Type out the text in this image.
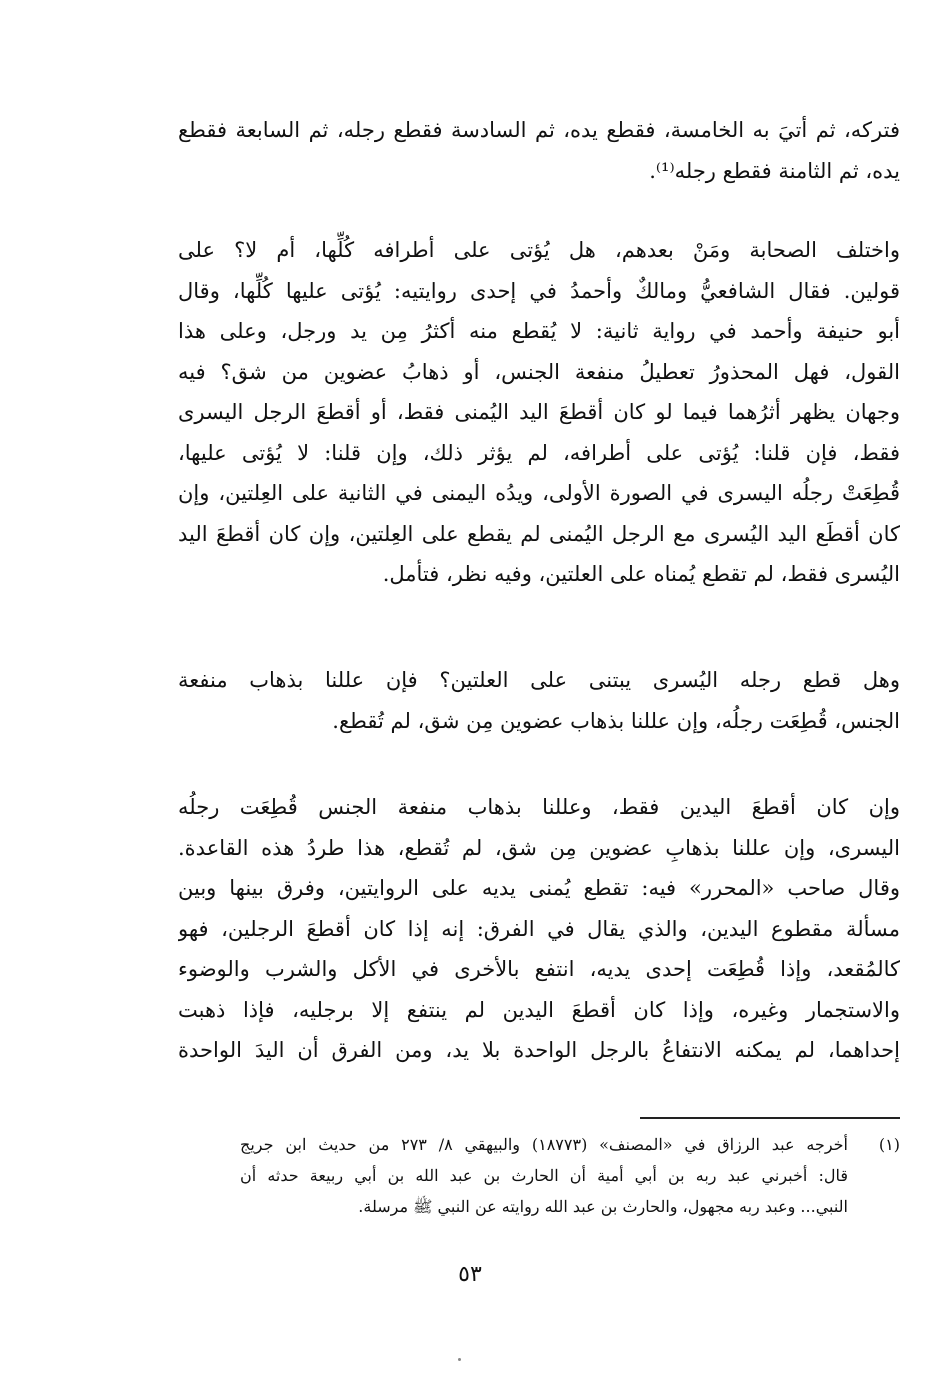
فتركه، ثم أتيَ به الخامسة، فقطع يده، ثم السادسة فقطع رجله، ثم السابعة فقطع
يده، ثم الثامنة فقطع رجله⁽¹⁾.
واختلف الصحابة ومَنْ بعدهم، هل يُؤتى على أطرافه كُلِّها، أم لا؟ على
قولين. فقال الشافعيُّ ومالكٌ وأحمدُ في إحدى روايتيه: يُؤتى عليها كُلِّها، وقال
أبو حنيفة وأحمد في رواية ثانية: لا يُقطع منه أكثرُ مِن يد ورجل، وعلى هذا
القول، فهل المحذورُ تعطيلُ منفعة الجنس، أو ذهابُ عضوين من شق؟ فيه
وجهان يظهر أثرُهما فيما لو كان أقطعَ اليد اليُمنى فقط، أو أقطعَ الرجل اليسرى
فقط، فإن قلنا: يُؤتى على أطرافه، لم يؤثر ذلك، وإن قلنا: لا يُؤتى عليها،
قُطِعَتْ رجلُه اليسرى في الصورة الأولى، ويدُه اليمنى في الثانية على العِلتين، وإن
كان أقطَع اليد اليُسرى مع الرجل اليُمنى لم يقطع على العِلتين، وإن كان أقطعَ اليد
اليُسرى فقط، لم تقطع يُمناه على العلتين، وفيه نظر، فتأمل.
وهل قطع رجله اليُسرى يبتنى على العلتين؟ فإن عللنا بذهاب منفعة
الجنس، قُطِعَت رجلُه، وإن عللنا بذهاب عضوين مِن شق، لم تُقطع.
وإن كان أقطعَ اليدين فقط، وعللنا بذهاب منفعة الجنس قُطِعَت رجلُه
اليسرى، وإن عللنا بذهابِ عضوين مِن شق، لم تُقطع، هذا طردُ هذه القاعدة.
وقال صاحب «المحرر» فيه: تقطع يُمنى يديه على الروايتين، وفرق بينها وبين
مسألة مقطوع اليدين، والذي يقال في الفرق: إنه إذا كان أقطعَ الرجلين، فهو
كالمُقعد، وإذا قُطِعَت إحدى يديه، انتفع بالأخرى في الأكل والشرب والوضوء
والاستجمار وغيره، وإذا كان أقطعَ اليدين لم ينتفع إلا برجليه، فإذا ذهبت
إحداهما، لم يمكنه الانتفاعُ بالرجل الواحدة بلا يد، ومن الفرق أن اليدَ الواحدة
(١)
أخرجه عبد الرزاق في «المصنف» (١٨٧٧٣) والبيهقي ٨/ ٢٧٣ من حديث ابن جريج
قال: أخبرني عبد ربه بن أبي أمية أن الحارث بن عبد الله بن أبي ربيعة حدثه أن
النبي... وعبد ربه مجهول، والحارث بن عبد الله روايته عن النبي ﷺ مرسلة.
٥٣
